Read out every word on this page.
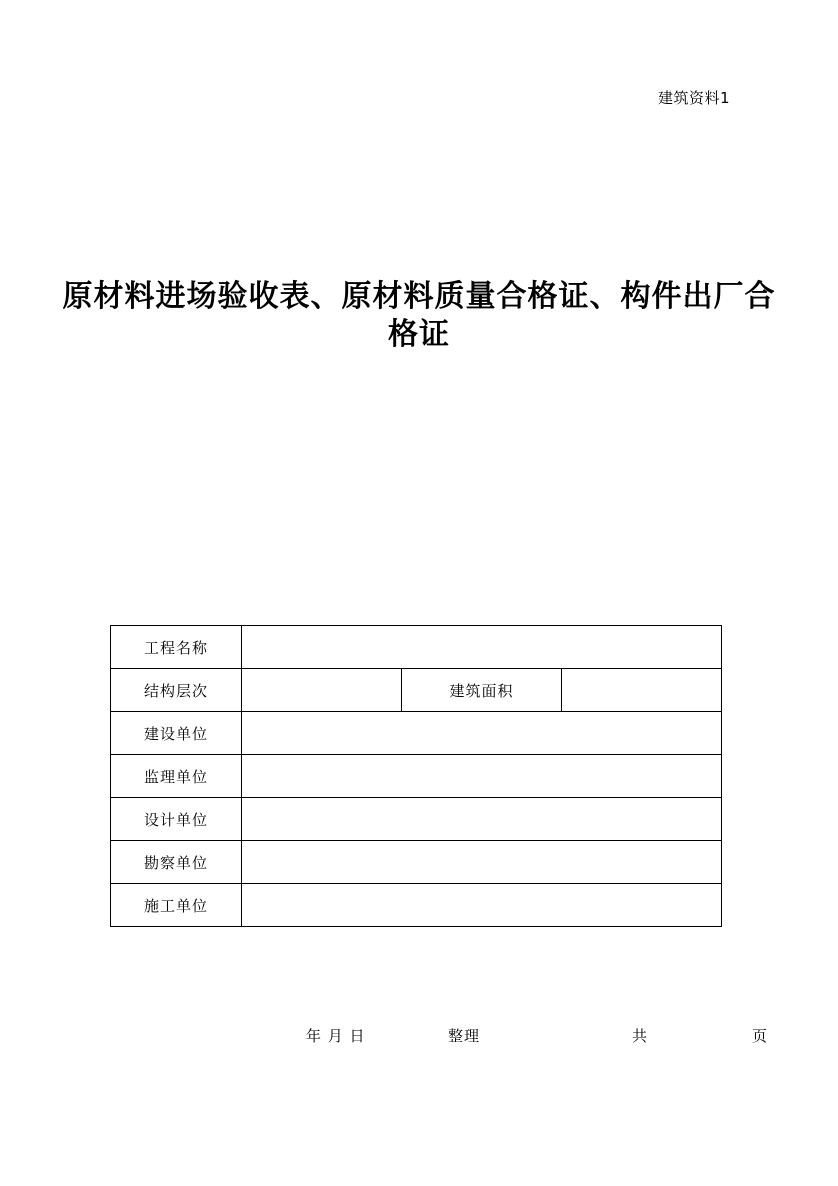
建筑资料1
原材料进场验收表、原材料质量合格证、构件出厂合格证
工程名称			
结构层次		建筑面积	
建设单位			
监理单位			
设计单位			
勘察单位			
施工单位			
年 月 日	整理	共	页
